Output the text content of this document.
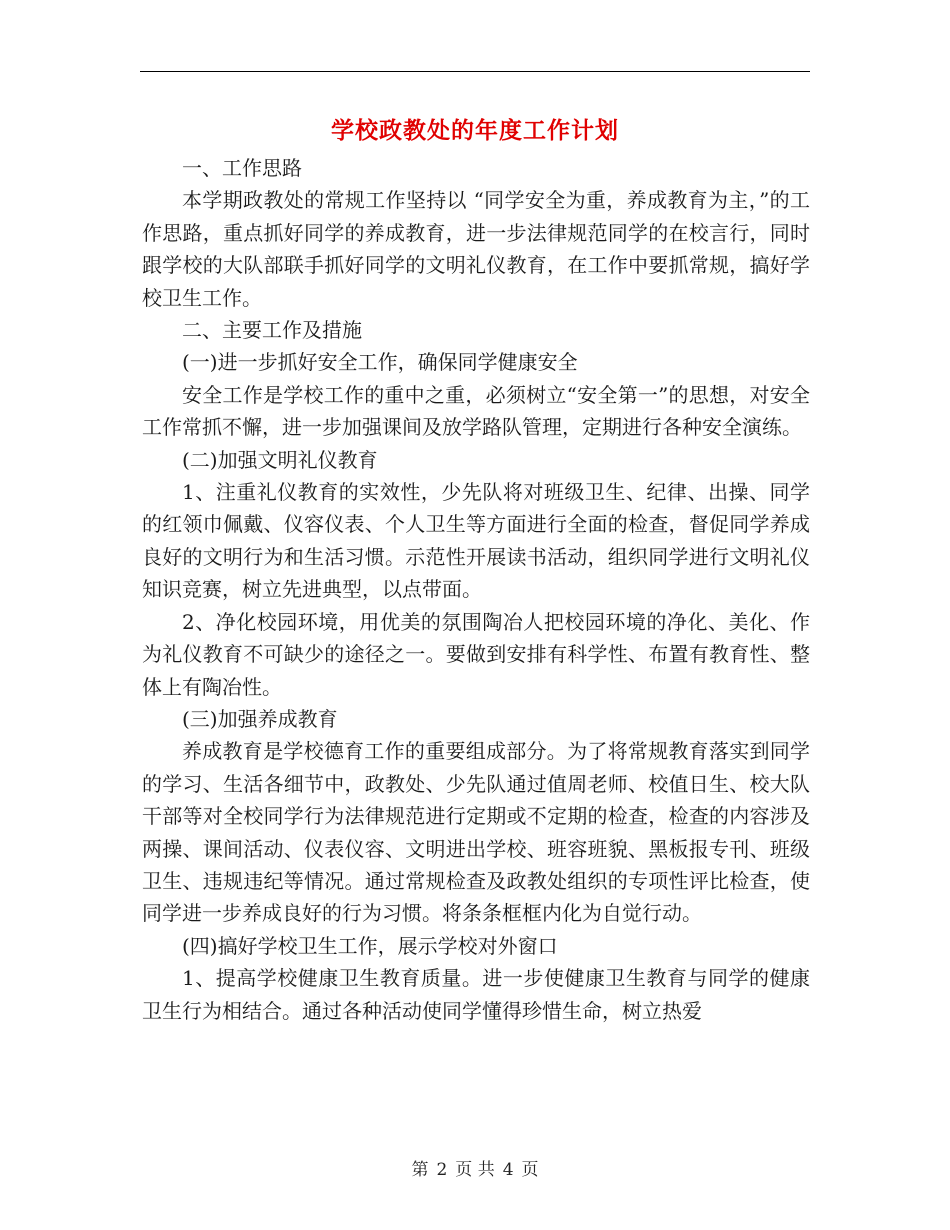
学校政教处的年度工作计划

一、工作思路

本学期政教处的常规工作坚持以 “同学安全为重，养成教育为主，”的工作思路，重点抓好同学的养成教育，进一步法律规范同学的在校言行，同时跟学校的大队部联手抓好同学的文明礼仪教育，在工作中要抓常规，搞好学校卫生工作。

二、主要工作及措施

(一)进一步抓好安全工作，确保同学健康安全

安全工作是学校工作的重中之重，必须树立“安全第一”的思想，对安全工作常抓不懈，进一步加强课间及放学路队管理，定期进行各种安全演练。

(二)加强文明礼仪教育

1、注重礼仪教育的实效性，少先队将对班级卫生、纪律、出操、同学的红领巾佩戴、仪容仪表、个人卫生等方面进行全面的检查，督促同学养成良好的文明行为和生活习惯。示范性开展读书活动，组织同学进行文明礼仪知识竞赛，树立先进典型，以点带面。

2、净化校园环境，用优美的氛围陶冶人把校园环境的净化、美化、作为礼仪教育不可缺少的途径之一。要做到安排有科学性、布置有教育性、整体上有陶冶性。

(三)加强养成教育

养成教育是学校德育工作的重要组成部分。为了将常规教育落实到同学的学习、生活各细节中，政教处、少先队通过值周老师、校值日生、校大队干部等对全校同学行为法律规范进行定期或不定期的检查，检查的内容涉及两操、课间活动、仪表仪容、文明进出学校、班容班貌、黑板报专刊、班级卫生、违规违纪等情况。通过常规检查及政教处组织的专项性评比检查，使同学进一步养成良好的行为习惯。将条条框框内化为自觉行动。

(四)搞好学校卫生工作，展示学校对外窗口

1、提高学校健康卫生教育质量。进一步使健康卫生教育与同学的健康卫生行为相结合。通过各种活动使同学懂得珍惜生命，树立热爱

第 2 页 共 4 页
